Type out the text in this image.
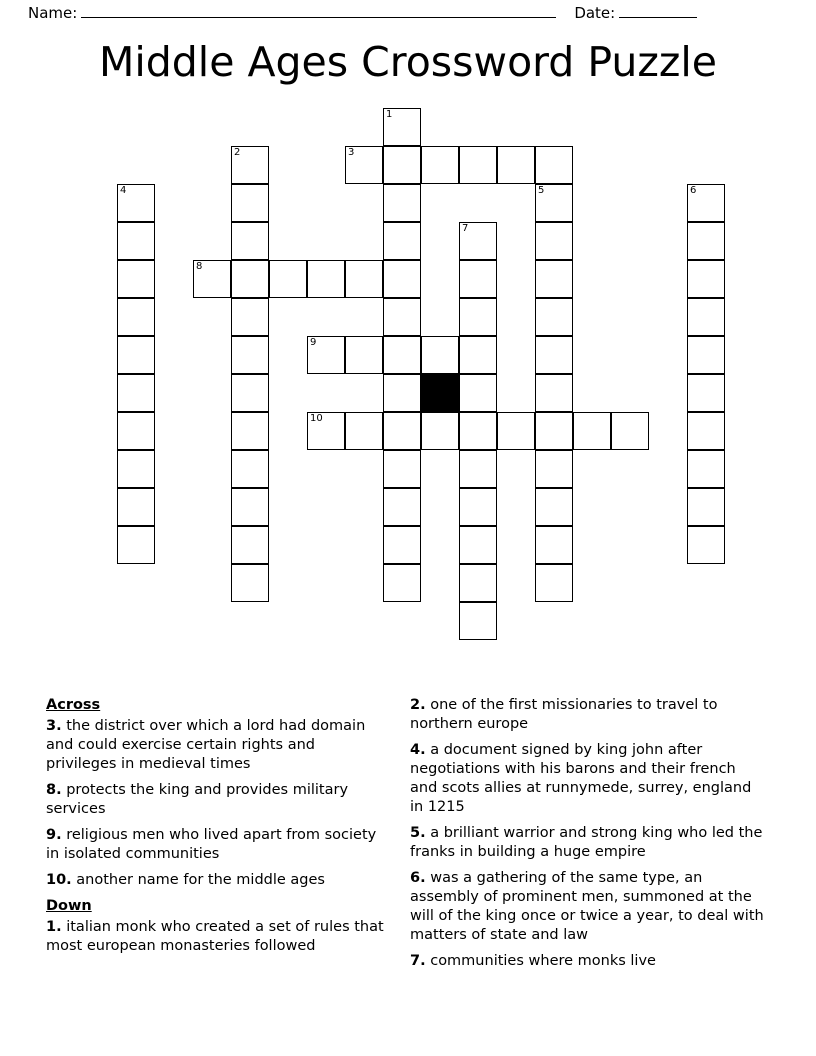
Name:	Date:
Middle Ages Crossword Puzzle
1
2	3
4	5	6
7
8
9
10
Across

3. the district over which a lord had domain and could exercise certain rights and privileges in medieval times

8. protects the king and provides military services

9. religious men who lived apart from society in isolated communities

10. another name for the middle ages

Down

1. italian monk who created a set of rules that most european monasteries followed

2. one of the first missionaries to travel to northern europe

4. a document signed by king john after negotiations with his barons and their french and scots allies at runnymede, surrey, england in 1215

5. a brilliant warrior and strong king who led the franks in building a huge empire

6. was a gathering of the same type, an assembly of prominent men, summoned at the will of the king once or twice a year, to deal with matters of state and law

7. communities where monks live
